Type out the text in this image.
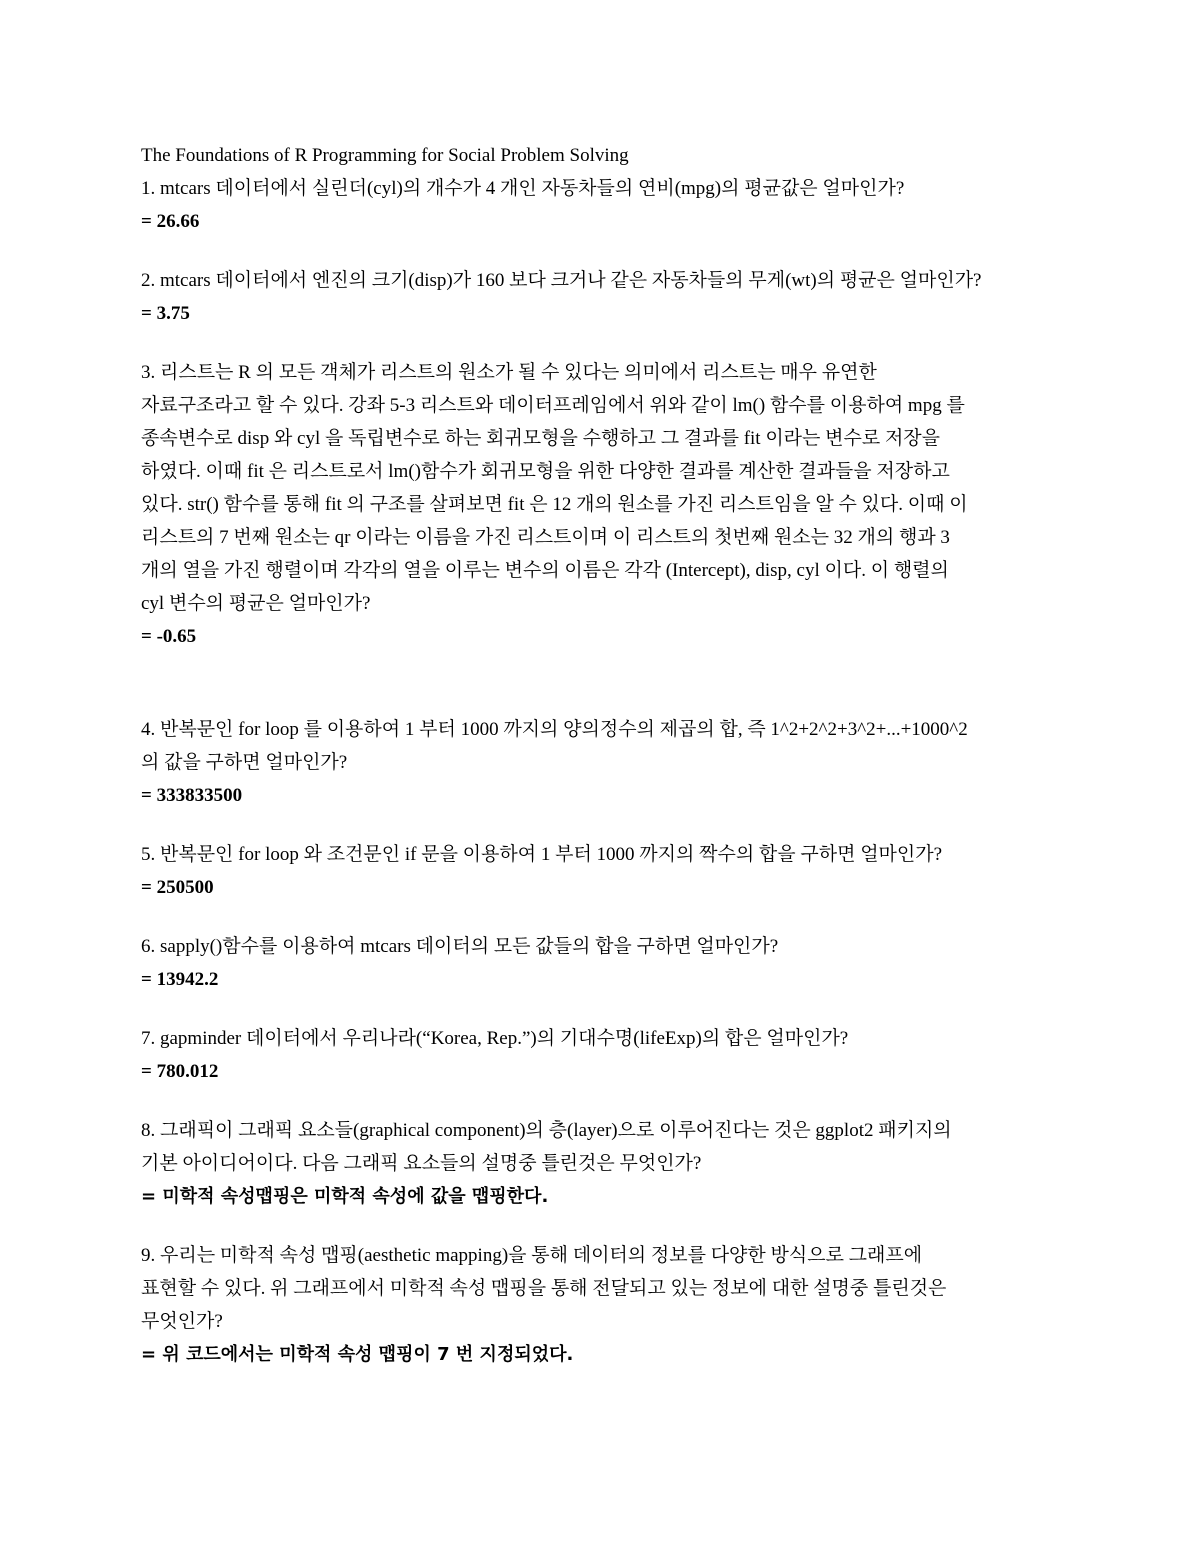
The Foundations of R Programming for Social Problem Solving
1. mtcars 데이터에서 실린더(cyl)의 개수가 4 개인 자동차들의 연비(mpg)의 평균값은 얼마인가?
= 26.66
2. mtcars 데이터에서 엔진의 크기(disp)가 160 보다 크거나 같은 자동차들의 무게(wt)의 평균은 얼마인가?
= 3.75
3. 리스트는 R 의 모든 객체가 리스트의 원소가 될 수 있다는 의미에서 리스트는 매우 유연한
자료구조라고 할 수 있다. 강좌 5-3 리스트와 데이터프레임에서 위와 같이 lm() 함수를 이용하여 mpg 를
종속변수로 disp 와 cyl 을 독립변수로 하는 회귀모형을 수행하고 그 결과를 fit 이라는 변수로 저장을
하였다. 이때 fit 은 리스트로서 lm()함수가 회귀모형을 위한 다양한 결과를 계산한 결과들을 저장하고
있다. str() 함수를 통해 fit 의 구조를 살펴보면 fit 은 12 개의 원소를 가진 리스트임을 알 수 있다. 이때 이
리스트의 7 번째 원소는 qr 이라는 이름을 가진 리스트이며 이 리스트의 첫번째 원소는 32 개의 행과 3
개의 열을 가진 행렬이며 각각의 열을 이루는 변수의 이름은 각각 (Intercept), disp, cyl 이다. 이 행렬의
cyl 변수의 평균은 얼마인가?
= -0.65
4. 반복문인 for loop 를 이용하여 1 부터 1000 까지의 양의정수의 제곱의 합, 즉 1^2+2^2+3^2+...+1000^2
의 값을 구하면 얼마인가?
= 333833500
5. 반복문인 for loop 와 조건문인 if 문을 이용하여 1 부터 1000 까지의 짝수의 합을 구하면 얼마인가?
= 250500
6. sapply()함수를 이용하여 mtcars 데이터의 모든 값들의 합을 구하면 얼마인가?
= 13942.2
7. gapminder 데이터에서 우리나라(“Korea, Rep.”)의 기대수명(lifeExp)의 합은 얼마인가?
= 780.012
8. 그래픽이 그래픽 요소들(graphical component)의 층(layer)으로 이루어진다는 것은 ggplot2 패키지의
기본 아이디어이다. 다음 그래픽 요소들의 설명중 틀린것은 무엇인가?
= 미학적 속성맵핑은 미학적 속성에 값을 맵핑한다.
9. 우리는 미학적 속성 맵핑(aesthetic mapping)을 통해 데이터의 정보를 다양한 방식으로 그래프에
표현할 수 있다. 위 그래프에서 미학적 속성 맵핑을 통해 전달되고 있는 정보에 대한 설명중 틀린것은
무엇인가?
= 위 코드에서는 미학적 속성 맵핑이 7 번 지정되었다.
